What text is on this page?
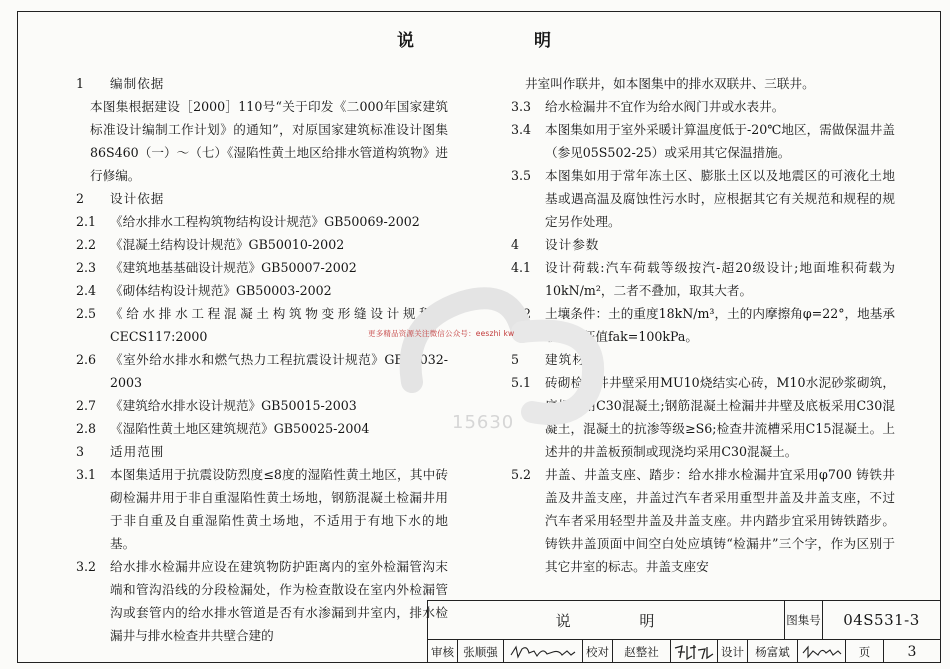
说 明
1	编制依据
本图集根据建设［2000］110号“关于印发《二000年国家建筑标准设计编制工作计划》的通知”，对原国家建筑标准设计图集86S460（一）～（七）《湿陷性黄土地区给排水管道构筑物》进行修编。
2	设计依据
2.1	《给水排水工程构筑物结构设计规范》GB50069-2002
2.2	《混凝土结构设计规范》GB50010-2002
2.3	《建筑地基基础设计规范》GB50007-2002
2.4	《砌体结构设计规范》GB50003-2002
2.5	《给水排水工程混凝土构筑物变形缝设计规程》CECS117:2000
2.6	《室外给水排水和燃气热力工程抗震设计规范》GB50032-2003
2.7	《建筑给水排水设计规范》GB50015-2003
2.8	《湿陷性黄土地区建筑规范》GB50025-2004
3	适用范围
3.1	本图集适用于抗震设防烈度≤8度的湿陷性黄土地区，其中砖砌检漏井用于非自重湿陷性黄土场地，钢筋混凝土检漏井用于非自重及自重湿陷性黄土场地，不适用于有地下水的地基。
3.2	给水排水检漏井应设在建筑物防护距离内的室外检漏管沟末端和管沟沿线的分段检漏处，作为检查散设在室内外检漏管沟或套管内的给水排水管道是否有水渗漏到井室内，排水检漏井与排水检查井共壁合建的
井室叫作联井，如本图集中的排水双联井、三联井。
3.3	给水检漏井不宜作为给水阀门井或水表井。
3.4	本图集如用于室外采暖计算温度低于-20℃地区，需做保温井盖（参见05S502-25）或采用其它保温措施。
3.5	本图集如用于常年冻土区、膨胀土区以及地震区的可液化土地基或遇高温及腐蚀性污水时，应根据其它有关规范和规程的规定另作处理。
4	设计参数
4.1	设计荷载:汽车荷载等级按汽-超20级设计;地面堆积荷载为10kN/m²，二者不叠加，取其大者。
4.2	土壤条件：土的重度18kN/m³，土的内摩擦角φ=22°，地基承载力特征值fak=100kPa。
5	建筑材料
5.1	砖砌检漏井井壁采用MU10烧结实心砖，M10水泥砂浆砌筑，底板采用C30混凝土;钢筋混凝土检漏井井壁及底板采用C30混凝土，混凝土的抗渗等级≥S6;检查井流槽采用C15混凝土。上述井的井盖板预制或现浇均采用C30混凝土。
5.2	井盖、井盖支座、踏步：给水排水检漏井宜采用φ700 铸铁井盖及井盖支座，井盖过汽车者采用重型井盖及井盖支座，不过汽车者采用轻型井盖及井盖支座。井内踏步宜采用铸铁踏步。铸铁井盖顶面中间空白处应填铸“检漏井”三个字，作为区别于其它井室的标志。井盖支座安
更多精品资源关注微信公众号：eeszhi kw
15630
说 明	图集号	04S531-3
审核 张顺强	校对	赵整社	设计 杨富斌	页	3
